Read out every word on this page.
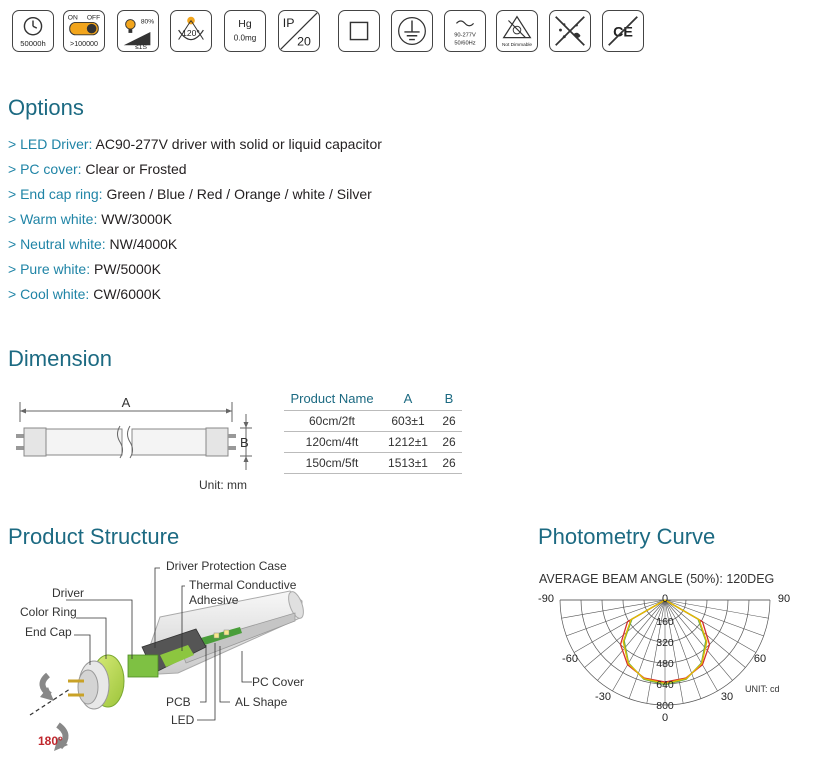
50000h
ON OFF
>100000
80%
≤1S
120°
Hg
0.0mg
IP
20	90-277V
50/60Hz	Not Dimmable
CE
Options
> LED Driver: AC90-277V driver with solid or liquid capacitor
> PC cover: Clear or Frosted
> End cap ring: Green / Blue / Red / Orange / white / Silver
> Warm white: WW/3000K
> Neutral white: NW/4000K
> Pure white: PW/5000K
> Cool white: CW/6000K
Dimension
A
B
Unit: mm
Product Name	A	B
60cm/2ft	603±1	26
120cm/4ft	1212±1	26
150cm/5ft	1513±1	26
Product Structure
Driver Protection Case
Thermal Conductive
Adhesive
Driver
Color Ring
End Cap
PC Cover
PCB	AL Shape
LED
180°
Photometry Curve
AVERAGE BEAM ANGLE (50%): 120DEG
160
320
480
640
800
-90
-60
-30
0
30
60
90
0
UNIT: cd
